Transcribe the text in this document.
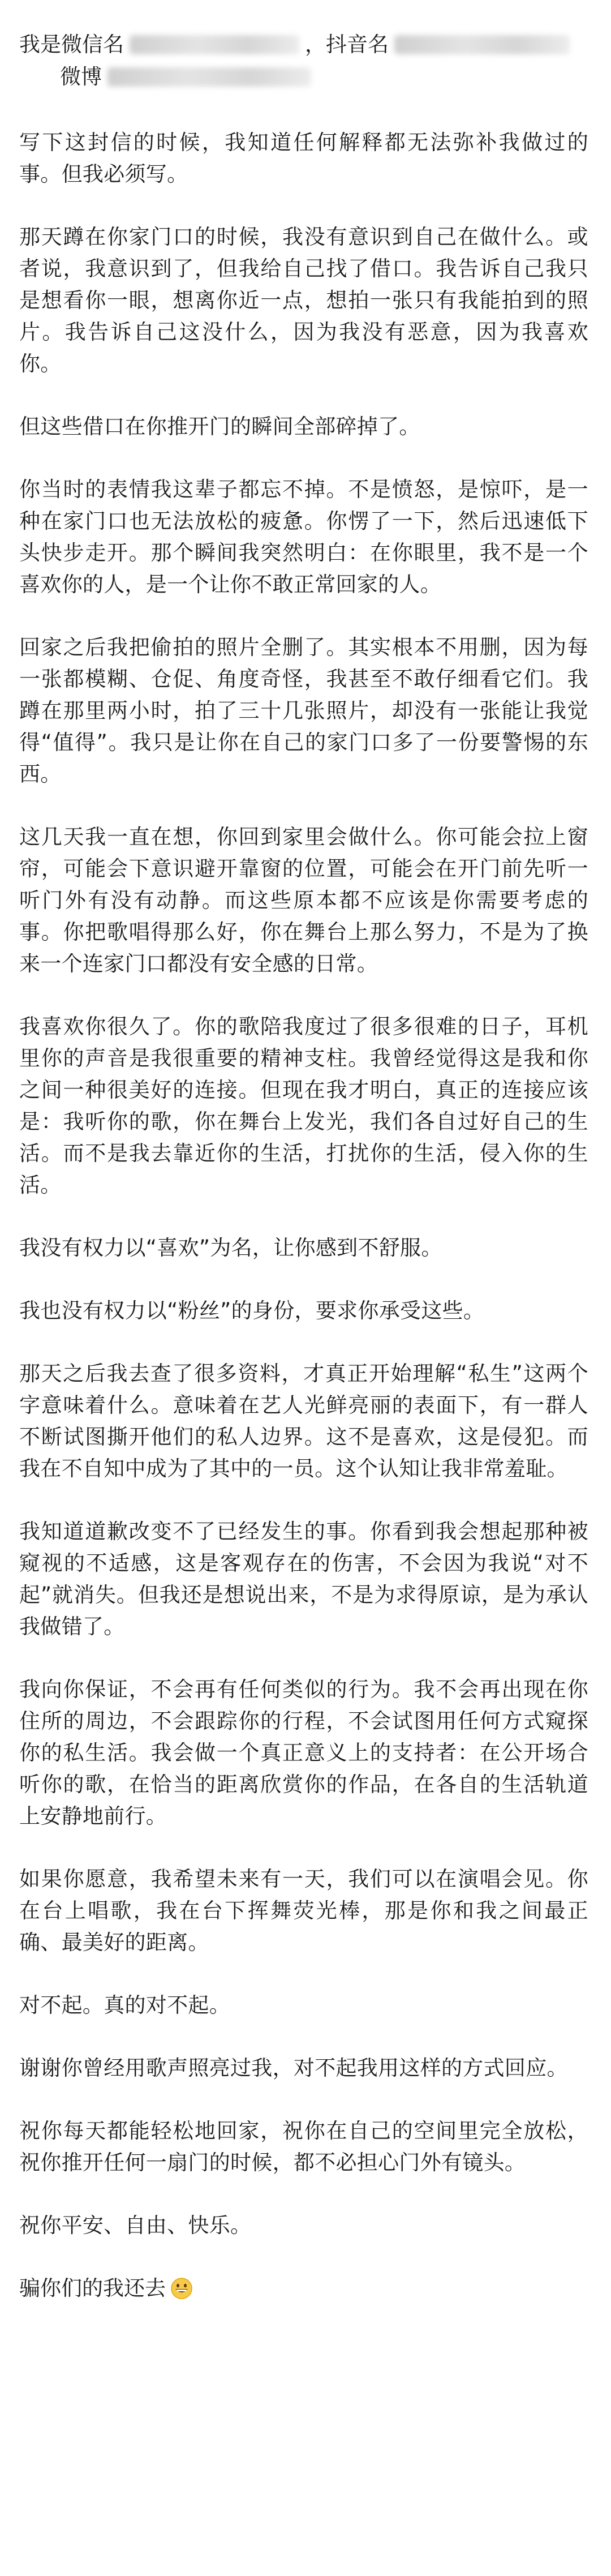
我是微信名	，抖音名
微博

写下这封信的时候，我知道任何解释都无法弥补我做过的事。但我必须写。

那天蹲在你家门口的时候，我没有意识到自己在做什么。或者说，我意识到了，但我给自己找了借口。我告诉自己我只是想看你一眼，想离你近一点，想拍一张只有我能拍到的照片。我告诉自己这没什么，因为我没有恶意，因为我喜欢你。

但这些借口在你推开门的瞬间全部碎掉了。

你当时的表情我这辈子都忘不掉。不是愤怒，是惊吓，是一种在家门口也无法放松的疲惫。你愣了一下，然后迅速低下头快步走开。那个瞬间我突然明白：在你眼里，我不是一个喜欢你的人，是一个让你不敢正常回家的人。

回家之后我把偷拍的照片全删了。其实根本不用删，因为每一张都模糊、仓促、角度奇怪，我甚至不敢仔细看它们。我蹲在那里两小时，拍了三十几张照片，却没有一张能让我觉得“值得”。我只是让你在自己的家门口多了一份要警惕的东西。

这几天我一直在想，你回到家里会做什么。你可能会拉上窗帘，可能会下意识避开靠窗的位置，可能会在开门前先听一听门外有没有动静。而这些原本都不应该是你需要考虑的事。你把歌唱得那么好，你在舞台上那么努力，不是为了换来一个连家门口都没有安全感的日常。

我喜欢你很久了。你的歌陪我度过了很多很难的日子，耳机里你的声音是我很重要的精神支柱。我曾经觉得这是我和你之间一种很美好的连接。但现在我才明白，真正的连接应该是：我听你的歌，你在舞台上发光，我们各自过好自己的生活。而不是我去靠近你的生活，打扰你的生活，侵入你的生活。

我没有权力以“喜欢”为名，让你感到不舒服。

我也没有权力以“粉丝”的身份，要求你承受这些。

那天之后我去查了很多资料，才真正开始理解“私生”这两个字意味着什么。意味着在艺人光鲜亮丽的表面下，有一群人不断试图撕开他们的私人边界。这不是喜欢，这是侵犯。而我在不自知中成为了其中的一员。这个认知让我非常羞耻。

我知道道歉改变不了已经发生的事。你看到我会想起那种被窥视的不适感，这是客观存在的伤害，不会因为我说“对不起”就消失。但我还是想说出来，不是为求得原谅，是为承认我做错了。

我向你保证，不会再有任何类似的行为。我不会再出现在你住所的周边，不会跟踪你的行程，不会试图用任何方式窥探你的私生活。我会做一个真正意义上的支持者：在公开场合听你的歌，在恰当的距离欣赏你的作品，在各自的生活轨道上安静地前行。

如果你愿意，我希望未来有一天，我们可以在演唱会见。你在台上唱歌，我在台下挥舞荧光棒，那是你和我之间最正确、最美好的距离。

对不起。真的对不起。

谢谢你曾经用歌声照亮过我，对不起我用这样的方式回应。

祝你每天都能轻松地回家，祝你在自己的空间里完全放松，祝你推开任何一扇门的时候，都不必担心门外有镜头。

祝你平安、自由、快乐。

骗你们的我还去
